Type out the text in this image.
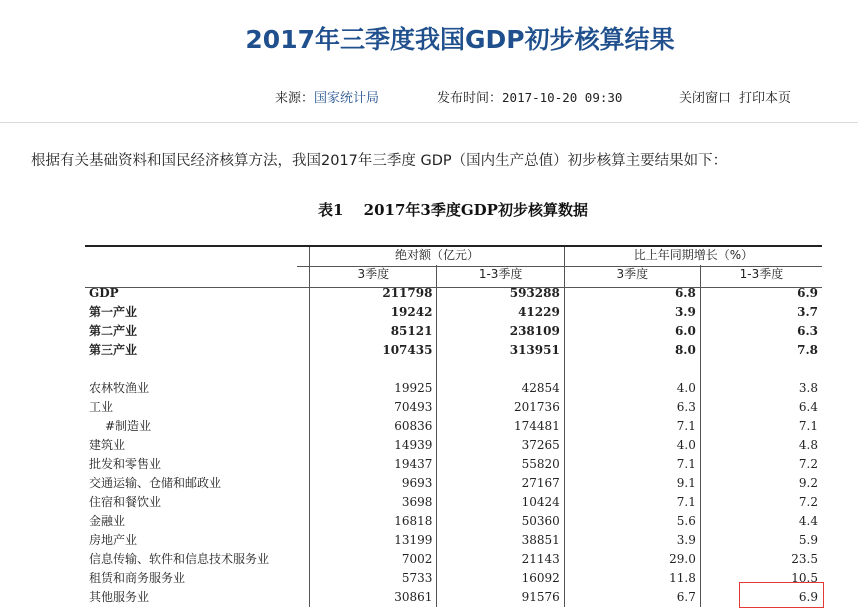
2017年三季度我国GDP初步核算结果
来源：国家统计局	发布时间：2017-10-20 09:30	关闭窗口 打印本页
根据有关基础资料和国民经济核算方法，我国2017年三季度 GDP（国内生产总值）初步核算主要结果如下：
表1　 2017年3季度GDP初步核算数据
	绝对额（亿元）		比上年同期增长（%）	
	3季度	1-3季度	3季度	1-3季度
GDP	211798	593288	6.8	6.9
第一产业	19242	41229	3.9	3.7
第二产业	85121	238109	6.0	6.3
第三产业	107435	313951	8.0	7.8

农林牧渔业	19925	42854	4.0	3.8
工业	70493	201736	6.3	6.4
#制造业	60836	174481	7.1	7.1
建筑业	14939	37265	4.0	4.8
批发和零售业	19437	55820	7.1	7.2
交通运输、仓储和邮政业	9693	27167	9.1	9.2
住宿和餐饮业	3698	10424	7.1	7.2
金融业	16818	50360	5.6	4.4
房地产业	13199	38851	3.9	5.9
信息传输、软件和信息技术服务业	7002	21143	29.0	23.5
租赁和商务服务业	5733	16092	11.8	10.5
其他服务业	30861	91576	6.7	6.9
